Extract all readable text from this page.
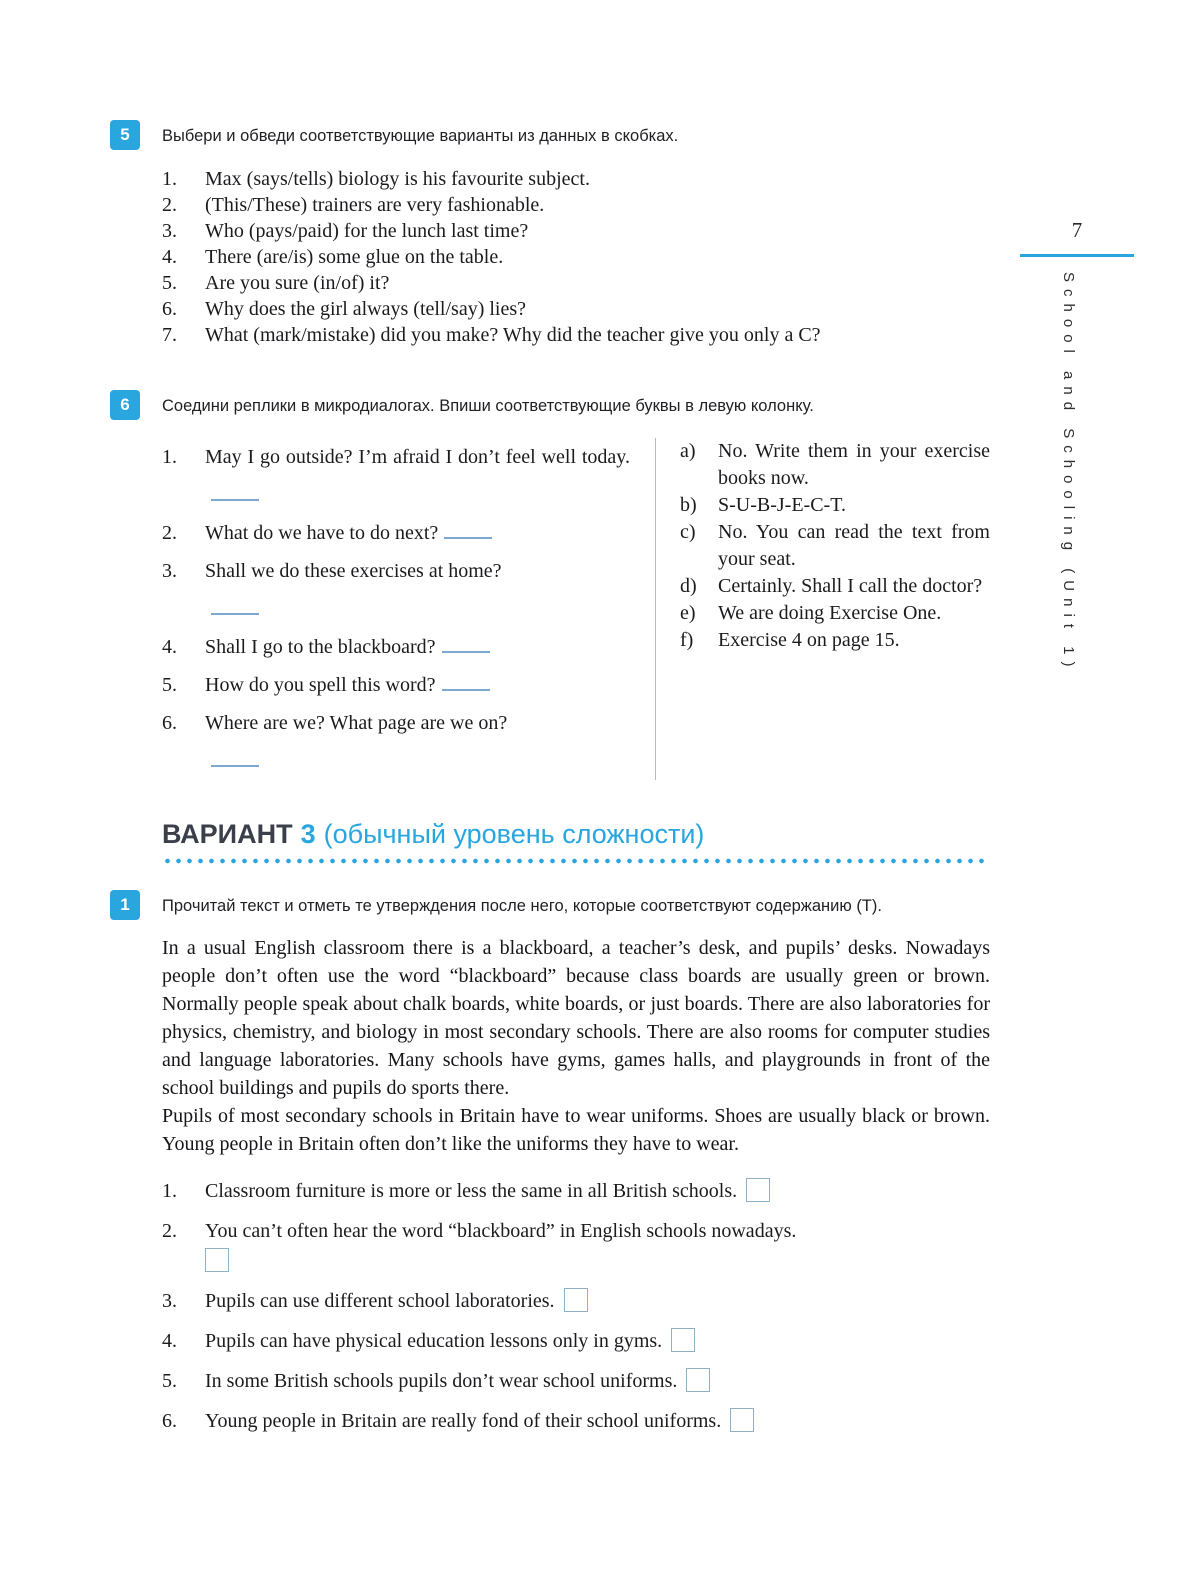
7
School and Schooling (Unit 1)
5	Выбери и обведи соответствующие варианты из данных в скобках.
1.	Max (says/tells) biology is his favourite subject.
2.	(This/These) trainers are very fashionable.
3.	Who (pays/paid) for the lunch last time?
4.	There (are/is) some glue on the table.
5.	Are you sure (in/of) it?
6.	Why does the girl always (tell/say) lies?
7.	What (mark/mistake) did you make? Why did the teacher give you only a C?
6	Соедини реплики в микродиалогах. Впиши соответствующие буквы в левую колонку.
1.	May I go outside? I’m afraid I don’t feel well today.
2.	What do we have to do next?
3.	Shall we do these exercises at home?

4.	Shall I go to the blackboard?
5.	How do you spell this word?
6.	Where are we? What page are we on?

a)	No. Write them in your exercise books now.
b)	S-U-B-J-E-C-T.
c)	No. You can read the text from your seat.
d)	Certainly. Shall I call the doctor?
e)	We are doing Exercise One.
f)	Exercise 4 on page 15.
ВАРИАНТ 3 (обычный уровень сложности)
1	Прочитай текст и отметь те утверждения после него, которые соответствуют содержанию (T).

In a usual English classroom there is a blackboard, a teacher’s desk, and pupils’ desks. Nowadays people don’t often use the word “blackboard” because class boards are usually green or brown. Normally people speak about chalk boards, white boards, or just boards. There are also laboratories for physics, chemistry, and biology in most secondary schools. There are also rooms for computer studies and language laboratories. Many schools have gyms, games halls, and playgrounds in front of the school buildings and pupils do sports there.

Pupils of most secondary schools in Britain have to wear uniforms. Shoes are usually black or brown. Young people in Britain often don’t like the uniforms they have to wear.

1.	Classroom furniture is more or less the same in all British schools.
2.	You can’t often hear the word “blackboard” in English schools nowadays.

3.	Pupils can use different school laboratories.
4.	Pupils can have physical education lessons only in gyms.
5.	In some British schools pupils don’t wear school uniforms.
6.	Young people in Britain are really fond of their school uniforms.
